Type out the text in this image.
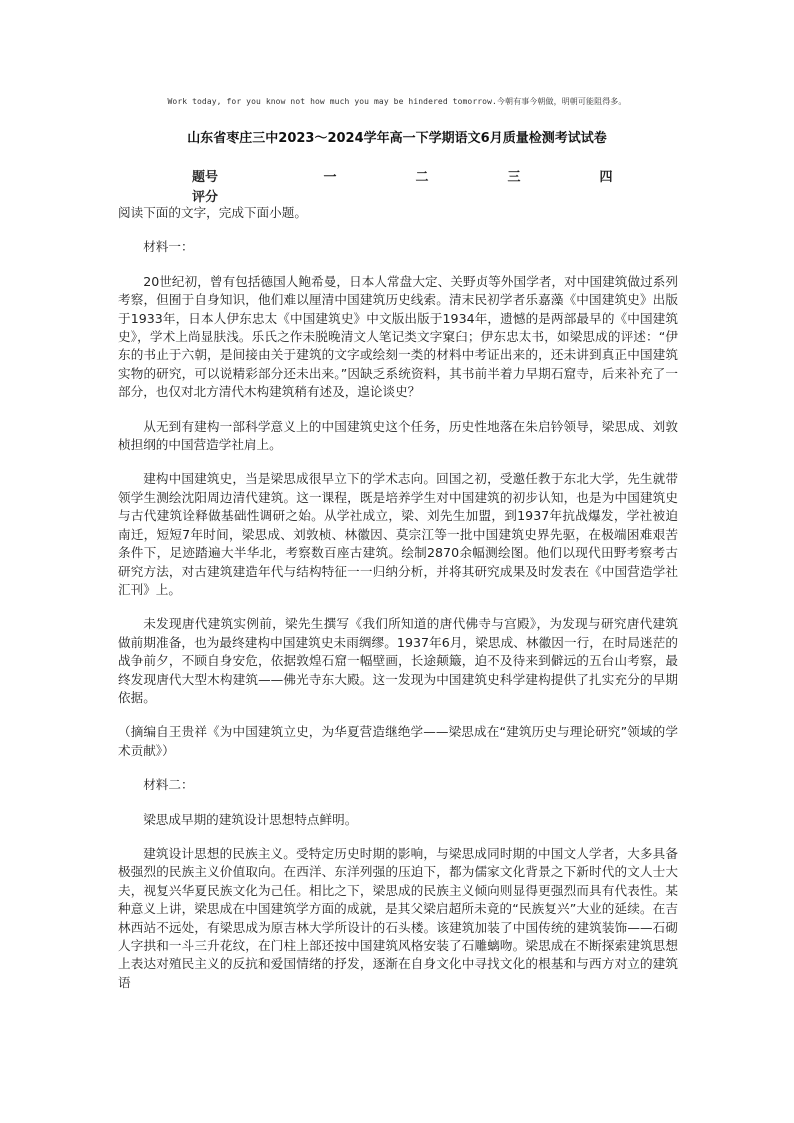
Work today, for you know not how much you may be hindered tomorrow.今朝有事今朝做，明朝可能阻得多。
山东省枣庄三中2023～2024学年高一下学期语文6月质量检测考试试卷
题号	一	二	三	四
评分

阅读下面的文字，完成下面小题。

材料一：

20世纪初，曾有包括德国人鲍希曼，日本人常盘大定、关野贞等外国学者，对中国建筑做过系列考察，但囿于自身知识，他们难以厘清中国建筑历史线索。清末民初学者乐嘉藻《中国建筑史》出版于1933年，日本人伊东忠太《中国建筑史》中文版出版于1934年，遗憾的是两部最早的《中国建筑史》，学术上尚显肤浅。乐氏之作未脱晚清文人笔记类文字窠臼；伊东忠太书，如梁思成的评述：“伊东的书止于六朝，是间接由关于建筑的文字或绘刻一类的材料中考证出来的，还未讲到真正中国建筑实物的研究，可以说精彩部分还未出来。”因缺乏系统资料，其书前半着力早期石窟寺，后来补充了一部分，也仅对北方清代木构建筑稍有述及，遑论谈史？

从无到有建构一部科学意义上的中国建筑史这个任务，历史性地落在朱启钤领导，梁思成、刘敦桢担纲的中国营造学社肩上。

建构中国建筑史，当是梁思成很早立下的学术志向。回国之初，受邀任教于东北大学，先生就带领学生测绘沈阳周边清代建筑。这一课程，既是培养学生对中国建筑的初步认知，也是为中国建筑史与古代建筑诠释做基础性调研之始。从学社成立，梁、刘先生加盟，到1937年抗战爆发，学社被迫南迁，短短7年时间，梁思成、刘敦桢、林徽因、莫宗江等一批中国建筑史界先驱，在极端困难艰苦条件下，足迹踏遍大半华北，考察数百座古建筑。绘制2870余幅测绘图。他们以现代田野考察考古研究方法，对古建筑建造年代与结构特征一一归纳分析，并将其研究成果及时发表在《中国营造学社汇刊》上。

未发现唐代建筑实例前，梁先生撰写《我们所知道的唐代佛寺与宫殿》，为发现与研究唐代建筑做前期准备，也为最终建构中国建筑史未雨绸缪。1937年6月，梁思成、林徽因一行，在时局迷茫的战争前夕，不顾自身安危，依据敦煌石窟一幅壁画，长途颠簸，迫不及待来到僻远的五台山考察，最终发现唐代大型木构建筑——佛光寺东大殿。这一发现为中国建筑史科学建构提供了扎实充分的早期依据。

（摘编自王贵祥《为中国建筑立史，为华夏营造继绝学——梁思成在“建筑历史与理论研究”领域的学术贡献》）

材料二：

梁思成早期的建筑设计思想特点鲜明。

建筑设计思想的民族主义。受特定历史时期的影响，与梁思成同时期的中国文人学者，大多具备极强烈的民族主义价值取向。在西洋、东洋列强的压迫下，都为儒家文化背景之下新时代的文人士大夫，视复兴华夏民族文化为己任。相比之下，梁思成的民族主义倾向则显得更强烈而具有代表性。某种意义上讲，梁思成在中国建筑学方面的成就，是其父梁启超所未竟的“民族复兴”大业的延续。在吉林西站不远处，有梁思成为原吉林大学所设计的石头楼。该建筑加装了中国传统的建筑装饰——石砌人字拱和一斗三升花纹，在门柱上部还按中国建筑风格安装了石雕螭吻。梁思成在不断探索建筑思想上表达对殖民主义的反抗和爱国情绪的抒发，逐渐在自身文化中寻找文化的根基和与西方对立的建筑语
